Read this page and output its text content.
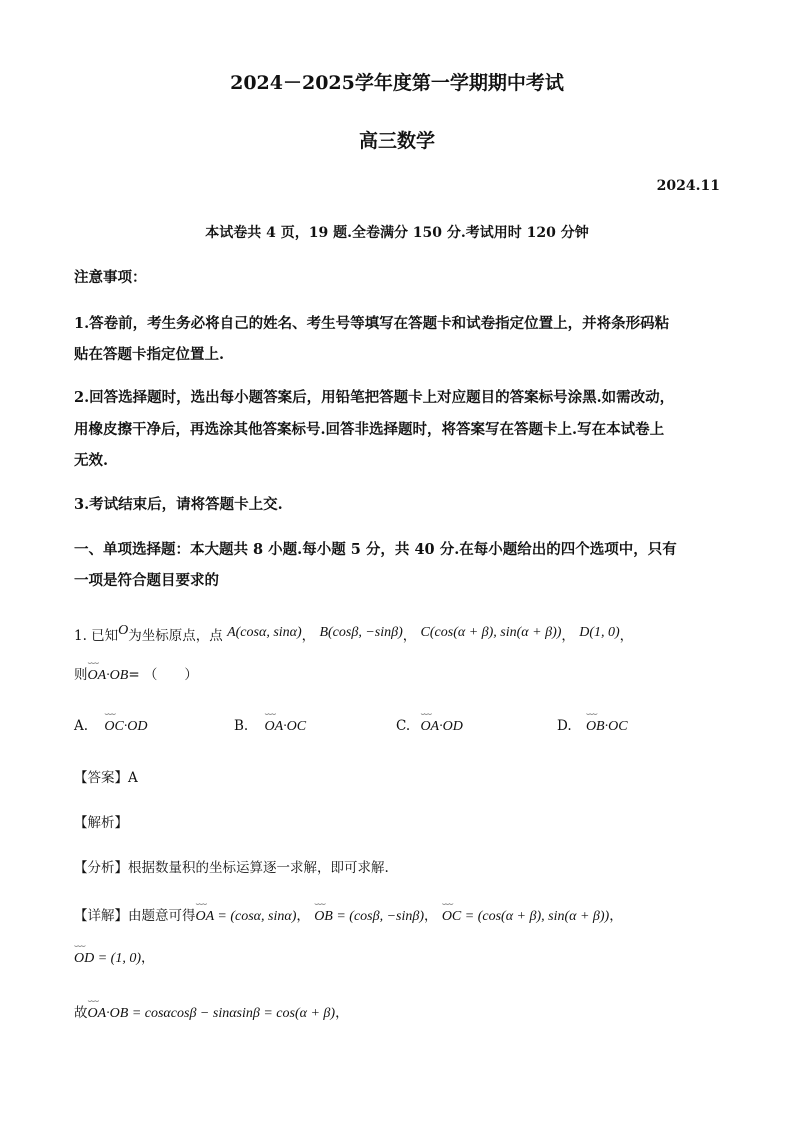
2024－2025学年度第一学期期中考试
高三数学
2024.11
本试卷共 4 页，19 题.全卷满分 150 分.考试用时 120 分钟
注意事项：
1.答卷前，考生务必将自己的姓名、考生号等填写在答题卡和试卷指定位置上，并将条形码粘
贴在答题卡指定位置上.
2.回答选择题时，选出每小题答案后，用铅笔把答题卡上对应题目的答案标号涂黑.如需改动，
用橡皮擦干净后，再选涂其他答案标号.回答非选择题时，将答案写在答题卡上.写在本试卷上
无效.
3.考试结束后，请将答题卡上交.
一、单项选择题：本大题共 8 小题.每小题 5 分，共 40 分.在每小题给出的四个选项中，只有
一项是符合题目要求的
1. 已知O为坐标原点，点 A(cosα, sinα)， B(cosβ, −sinβ)， C(cos(α + β), sin(α + β))， D(1, 0)，
则⌣⌣⌣ OA·OB= （　　）
A. ⌣⌣⌣ OC·OD	B. ⌣⌣⌣ OA·OC	C. ⌣⌣⌣ OA·OD	D. ⌣⌣⌣ OB·OC
【答案】A
【解析】
【分析】根据数量积的坐标运算逐一求解，即可求解.
【详解】由题意可得⌣⌣⌣ OA = (cosα, sinα)， ⌣⌣⌣ OB = (cosβ, −sinβ)， ⌣⌣⌣ OC = (cos(α + β), sin(α + β))，
⌣⌣⌣ OD = (1, 0)，
故⌣⌣⌣ OA·OB = cosαcosβ − sinαsinβ = cos(α + β)，
